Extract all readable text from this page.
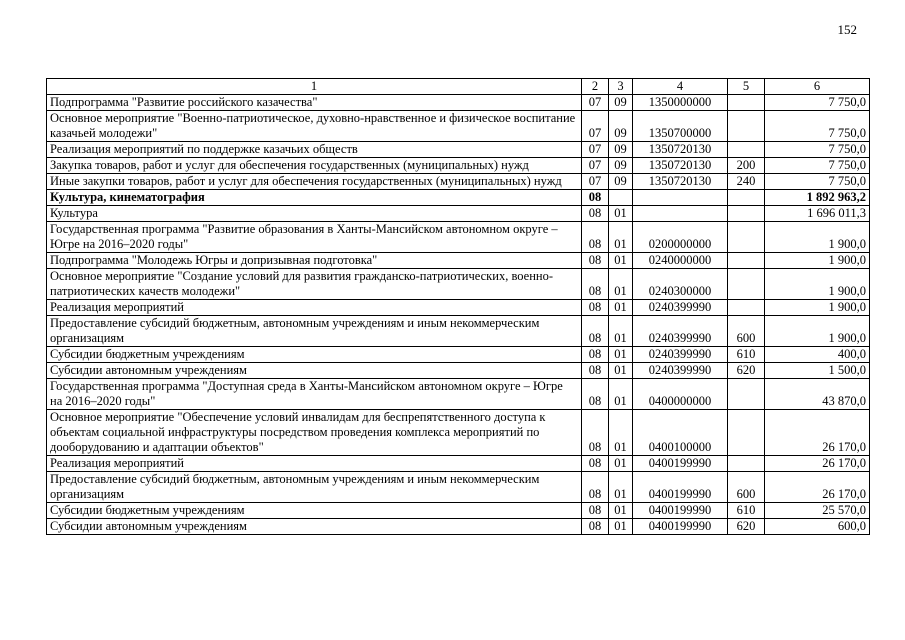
152
1	2	3	4	5	6
Подпрограмма "Развитие российского казачества"	07	09	1350000000		7 750,0
Основное мероприятие "Военно-патриотическое, духовно-нравственное и физическое воспитание казачьей молодежи"	07	09	1350700000		7 750,0
Реализация мероприятий по поддержке казачьих обществ	07	09	1350720130		7 750,0
Закупка товаров, работ и услуг для обеспечения государственных (муниципальных) нужд	07	09	1350720130	200	7 750,0
Иные закупки товаров, работ и услуг для обеспечения государственных (муниципальных) нужд	07	09	1350720130	240	7 750,0
Культура, кинематография	08				1 892 963,2
Культура	08	01			1 696 011,3
Государственная программа "Развитие образования в Ханты-Мансийском автономном округе – Югре на 2016–2020 годы"	08	01	0200000000		1 900,0
Подпрограмма "Молодежь Югры и допризывная подготовка"	08	01	0240000000		1 900,0
Основное мероприятие "Создание условий для развития гражданско-патриотических, военно-патриотических качеств молодежи"	08	01	0240300000		1 900,0
Реализация мероприятий	08	01	0240399990		1 900,0
Предоставление субсидий бюджетным, автономным учреждениям и иным некоммерческим организациям	08	01	0240399990	600	1 900,0
Субсидии бюджетным учреждениям	08	01	0240399990	610	400,0
Субсидии автономным учреждениям	08	01	0240399990	620	1 500,0
Государственная программа "Доступная среда в Ханты-Мансийском автономном округе – Югре на 2016–2020 годы"	08	01	0400000000		43 870,0
Основное мероприятие "Обеспечение условий инвалидам для беспрепятственного доступа к объектам социальной инфраструктуры посредством проведения комплекса мероприятий по дооборудованию и адаптации объектов"	08	01	0400100000		26 170,0
Реализация мероприятий	08	01	0400199990		26 170,0
Предоставление субсидий бюджетным, автономным учреждениям и иным некоммерческим организациям	08	01	0400199990	600	26 170,0
Субсидии бюджетным учреждениям	08	01	0400199990	610	25 570,0
Субсидии автономным учреждениям	08	01	0400199990	620	600,0
